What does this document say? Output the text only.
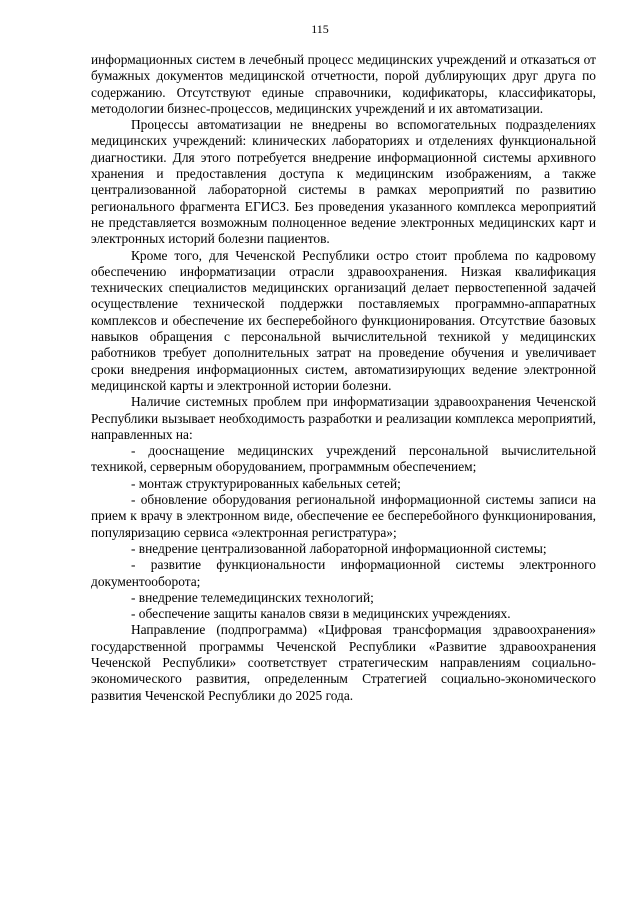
115

информационных систем в лечебный процесс медицинских учреждений и отказаться от бумажных документов медицинской отчетности, порой дублирующих друг друга по содержанию. Отсутствуют единые справочники, кодификаторы, классификаторы, методологии бизнес-процессов, медицинских учреждений и их автоматизации.

Процессы автоматизации не внедрены во вспомогательных подразделениях медицинских учреждений: клинических лабораториях и отделениях функциональной диагностики. Для этого потребуется внедрение информационной системы архивного хранения и предоставления доступа к медицинским изображениям, а также централизованной лабораторной системы в рамках мероприятий по развитию регионального фрагмента ЕГИСЗ. Без проведения указанного комплекса мероприятий не представляется возможным полноценное ведение электронных медицинских карт и электронных историй болезни пациентов.

Кроме того, для Чеченской Республики остро стоит проблема по кадровому обеспечению информатизации отрасли здравоохранения. Низкая квалификация технических специалистов медицинских организаций делает первостепенной задачей осуществление технической поддержки поставляемых программно-аппаратных комплексов и обеспечение их бесперебойного функционирования. Отсутствие базовых навыков обращения с персональной вычислительной техникой у медицинских работников требует дополнительных затрат на проведение обучения и увеличивает сроки внедрения информационных систем, автоматизирующих ведение электронной медицинской карты и электронной истории болезни.

Наличие системных проблем при информатизации здравоохранения Чеченской Республики вызывает необходимость разработки и реализации комплекса мероприятий, направленных на:

- дооснащение медицинских учреждений персональной вычислительной техникой, серверным оборудованием, программным обеспечением;

- монтаж структурированных кабельных сетей;

- обновление оборудования региональной информационной системы записи на прием к врачу в электронном виде, обеспечение ее бесперебойного функционирования, популяризацию сервиса «электронная регистратура»;

- внедрение централизованной лабораторной информационной системы;

- развитие функциональности информационной системы электронного документооборота;

- внедрение телемедицинских технологий;

- обеспечение защиты каналов связи в медицинских учреждениях.

Направление (подпрограмма) «Цифровая трансформация здравоохранения» государственной программы Чеченской Республики «Развитие здравоохранения Чеченской Республики» соответствует стратегическим направлениям социально-экономического развития, определенным Стратегией социально-экономического развития Чеченской Республики до 2025 года.
